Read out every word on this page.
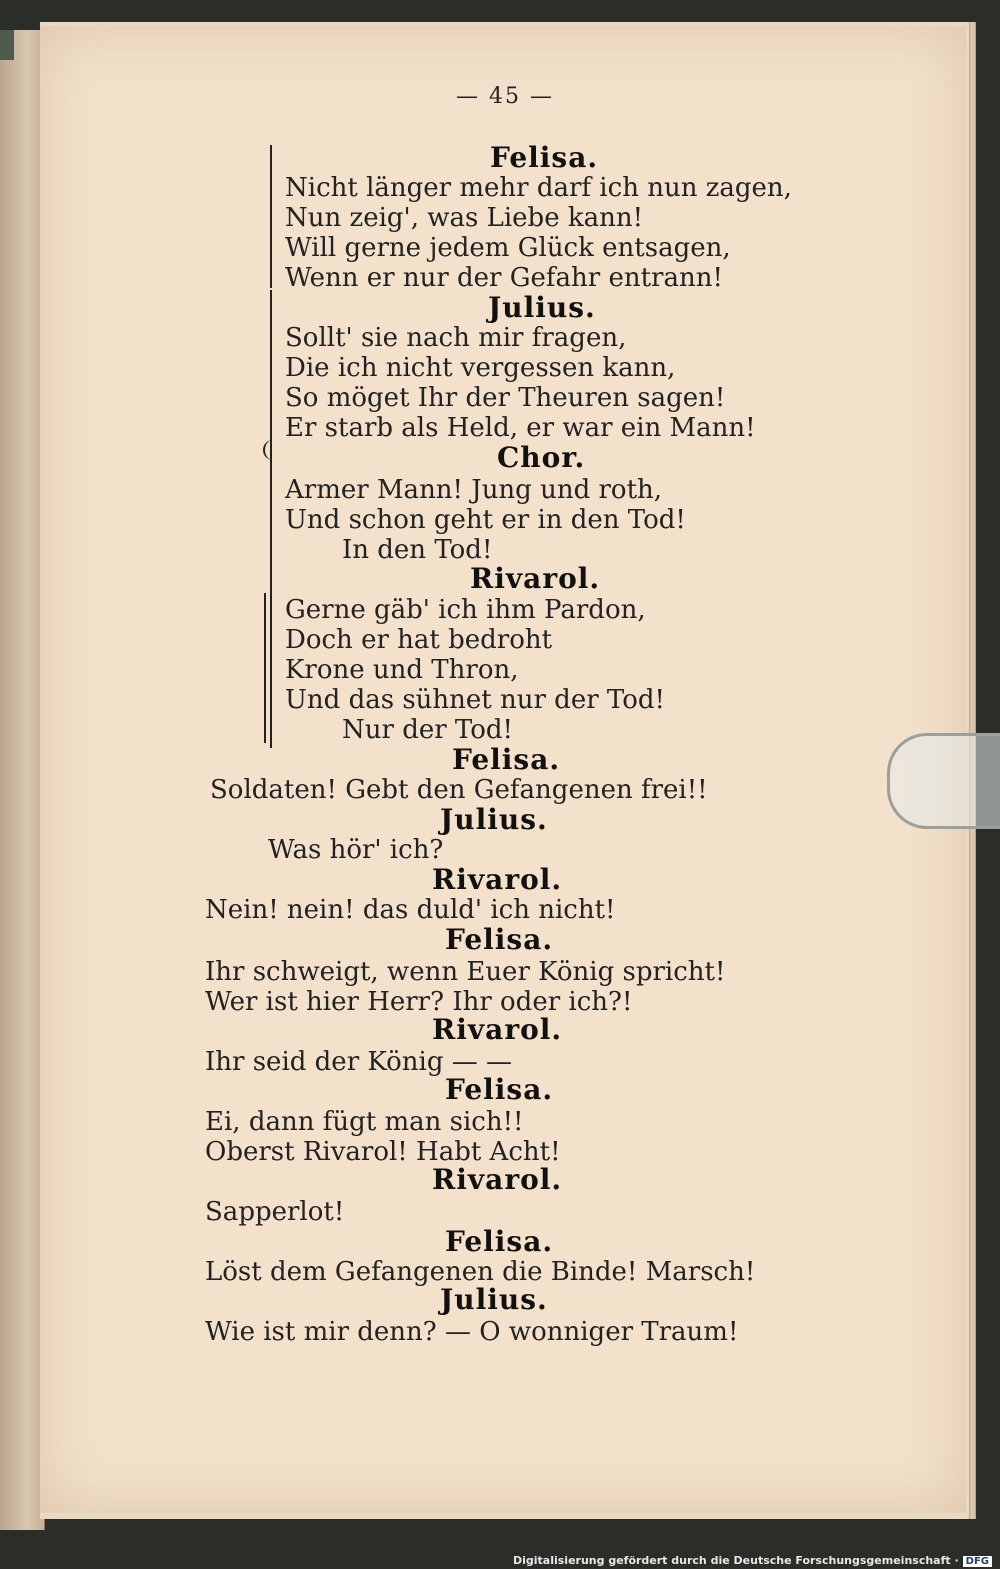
— 45 —
Felisa.
Nicht länger mehr darf ich nun zagen,
Nun zeig', was Liebe kann!
Will gerne jedem Glück entsagen,
Wenn er nur der Gefahr entrann!
Julius.
Sollt' sie nach mir fragen,
Die ich nicht vergessen kann,
So möget Ihr der Theuren sagen!
Er starb als Held, er war ein Mann!
Chor.
Armer Mann! Jung und roth,
Und schon geht er in den Tod!
In den Tod!
Rivarol.
Gerne gäb' ich ihm Pardon,
Doch er hat bedroht
Krone und Thron,
Und das sühnet nur der Tod!
Nur der Tod!
Felisa.
Soldaten! Gebt den Gefangenen frei!!
Julius.
Was hör' ich?
Rivarol.
Nein! nein! das duld' ich nicht!
Felisa.
Ihr schweigt, wenn Euer König spricht!
Wer ist hier Herr? Ihr oder ich?!
Rivarol.
Ihr seid der König — —
Felisa.
Ei, dann fügt man sich!!
Oberst Rivarol! Habt Acht!
Rivarol.
Sapperlot!
Felisa.
Löst dem Gefangenen die Binde! Marsch!
Julius.
Wie ist mir denn? — O wonniger Traum!
Digitalisierung gefördert durch die Deutsche Forschungsgemeinschaft · DFG
